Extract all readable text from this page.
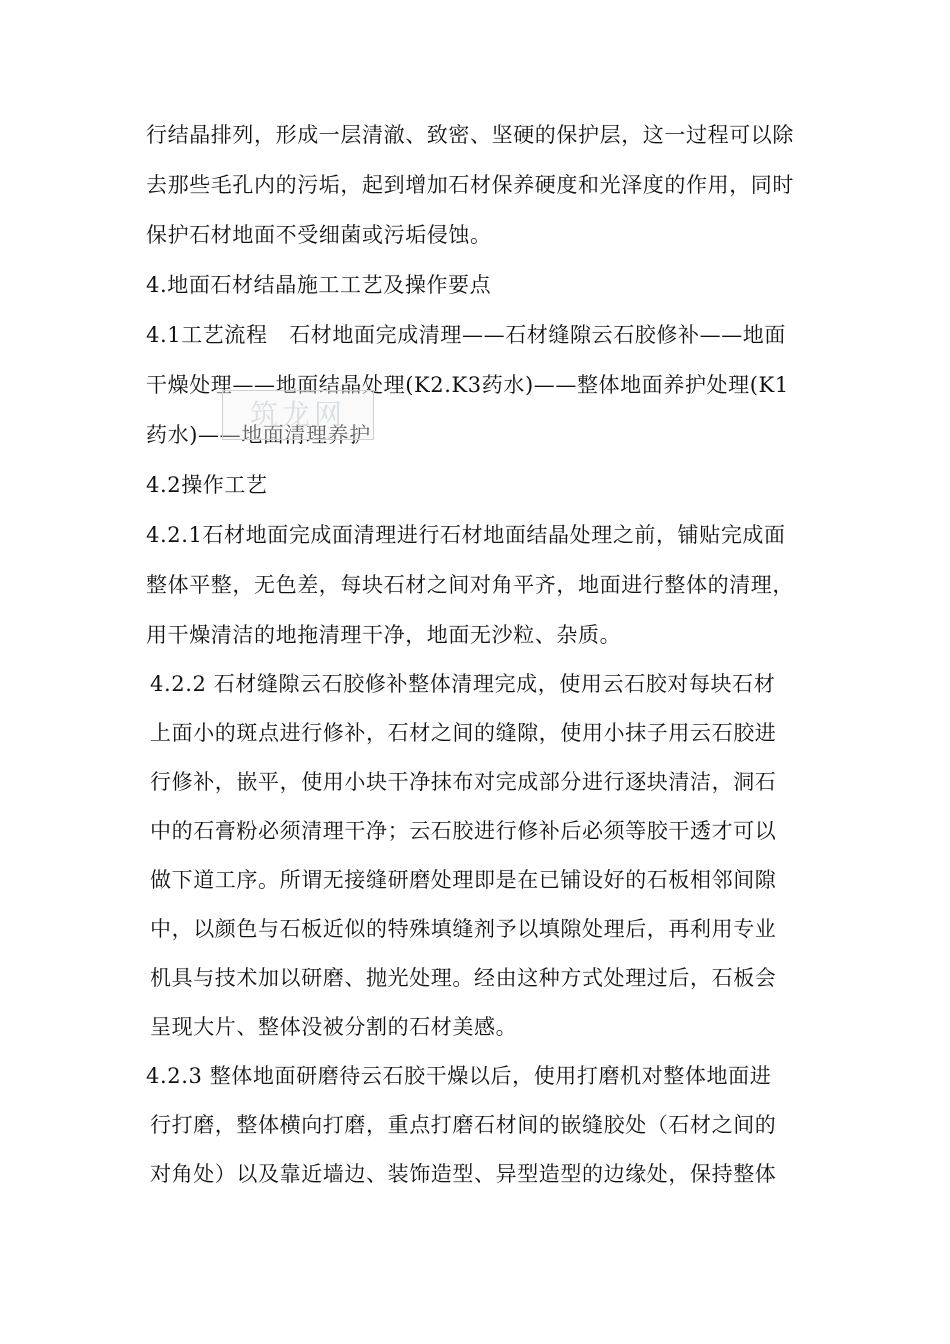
行结晶排列，形成一层清澈、致密、坚硬的保护层，这一过程可以除
去那些毛孔内的污垢，起到增加石材保养硬度和光泽度的作用，同时
保护石材地面不受细菌或污垢侵蚀。
4.地面石材结晶施工工艺及操作要点
4.1工艺流程　石材地面完成清理——石材缝隙云石胶修补——地面
干燥处理——地面结晶处理(K2.K3药水)——整体地面养护处理(K1
药水)——地面清理养护
4.2操作工艺
4.2.1石材地面完成面清理进行石材地面结晶处理之前，铺贴完成面
整体平整，无色差，每块石材之间对角平齐，地面进行整体的清理，
用干燥清洁的地拖清理干净，地面无沙粒、杂质。
4.2.2 石材缝隙云石胶修补整体清理完成，使用云石胶对每块石材
上面小的斑点进行修补，石材之间的缝隙，使用小抹子用云石胶进
行修补，嵌平，使用小块干净抹布对完成部分进行逐块清洁，洞石
中的石膏粉必须清理干净；云石胶进行修补后必须等胶干透才可以
做下道工序。所谓无接缝研磨处理即是在已铺设好的石板相邻间隙
中，以颜色与石板近似的特殊填缝剂予以填隙处理后，再利用专业
机具与技术加以研磨、抛光处理。经由这种方式处理过后，石板会
呈现大片、整体没被分割的石材美感。
4.2.3 整体地面研磨待云石胶干燥以后，使用打磨机对整体地面进
行打磨，整体横向打磨，重点打磨石材间的嵌缝胶处（石材之间的
对角处）以及靠近墙边、装饰造型、异型造型的边缘处，保持整体
筑龙网
